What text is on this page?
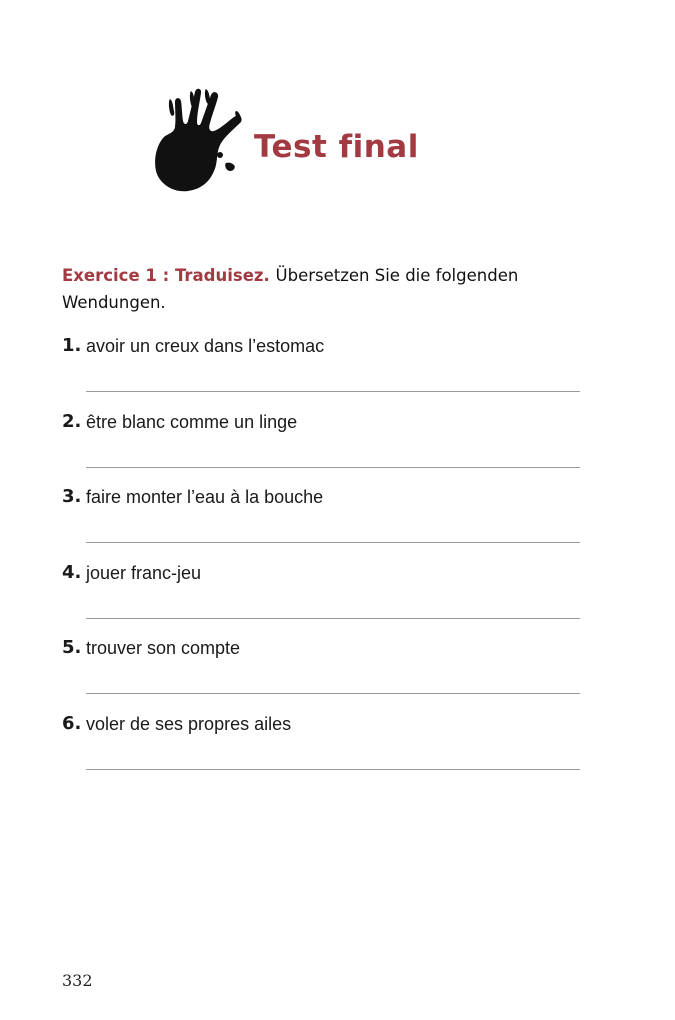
Test final
Exercice 1 : Traduisez. Übersetzen Sie die folgenden Wendungen.
1. avoir un creux dans l’estomac
2. être blanc comme un linge
3. faire monter l’eau à la bouche
4. jouer franc-jeu
5. trouver son compte
6. voler de ses propres ailes
332
